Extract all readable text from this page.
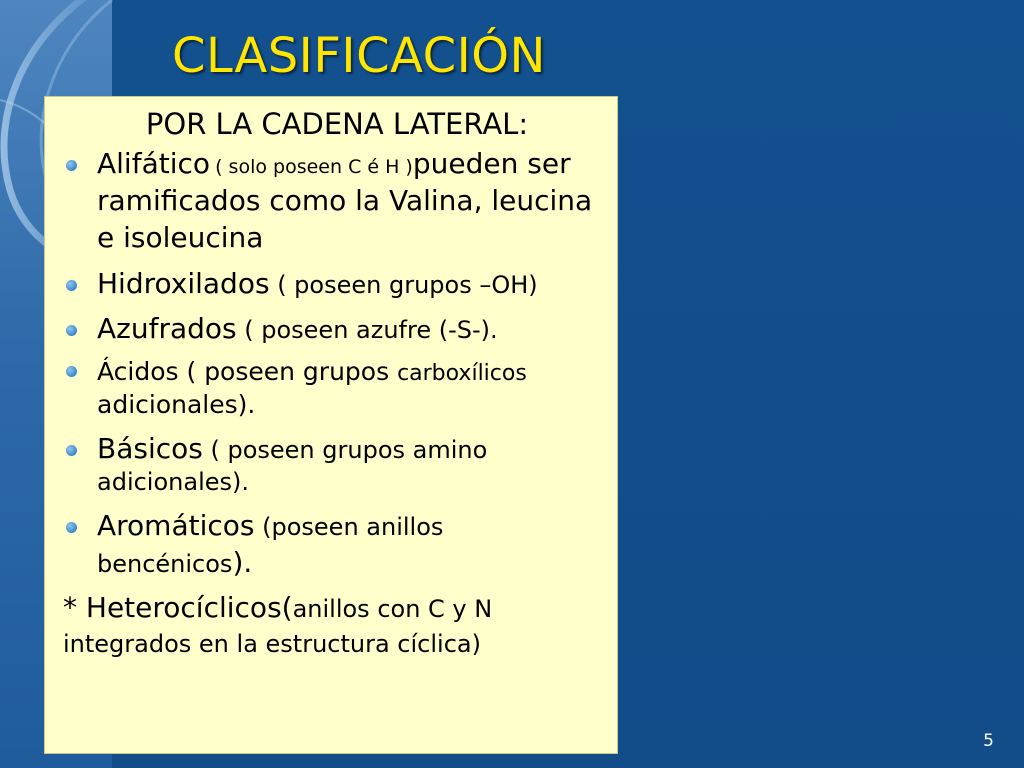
CLASIFICACIÓN

POR LA CADENA LATERAL:

Alifático ( solo poseen C é H )pueden ser ramificados como la Valina, leucina e isoleucina
Hidroxilados ( poseen grupos –OH)
Azufrados ( poseen azufre (-S-).
Ácidos ( poseen grupos carboxílicos adicionales).
Básicos ( poseen grupos amino adicionales).
Aromáticos (poseen anillos bencénicos).

* Heterocíclicos(anillos con C y N integrados en la estructura cíclica)

5
